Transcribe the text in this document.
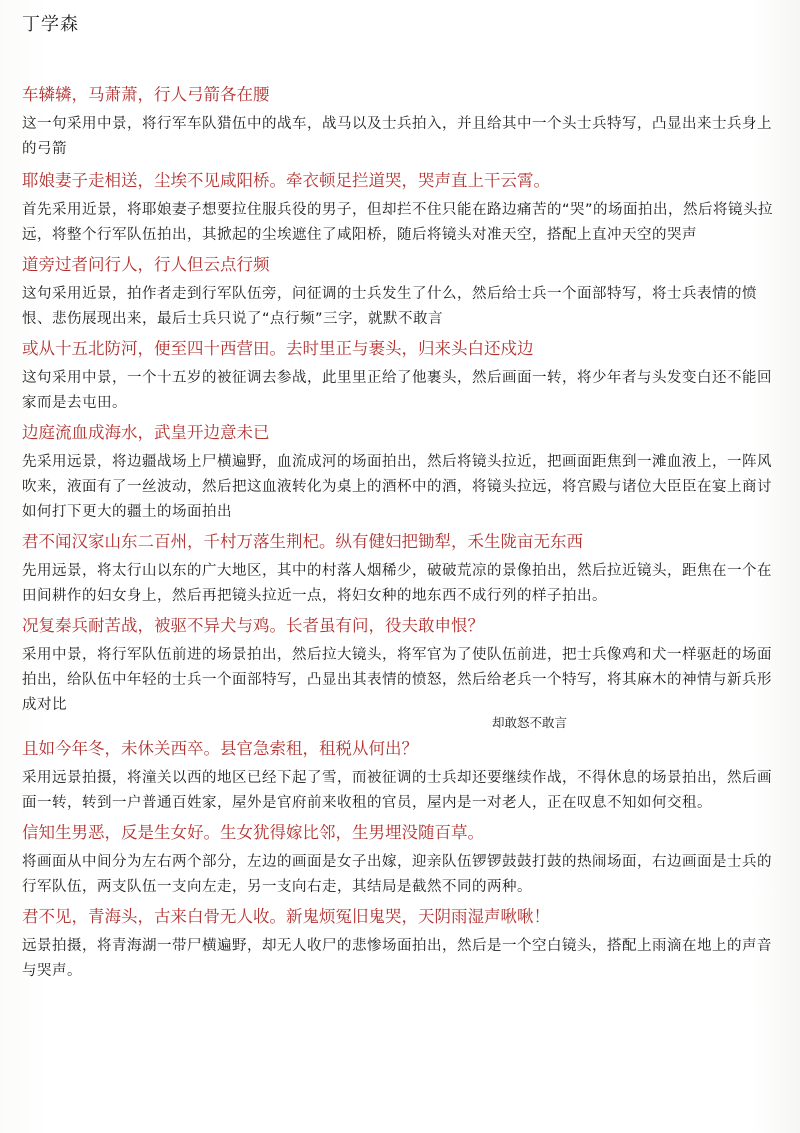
丁学森
车辚辚，马萧萧，行人弓箭各在腰
这一句采用中景，将行军车队猎伍中的战车，战马以及士兵拍入，并且给其中一个头士兵特写，凸显出来士兵身上的弓箭
耶娘妻子走相送，尘埃不见咸阳桥。牵衣顿足拦道哭，哭声直上干云霄。
首先采用近景，将耶娘妻子想要拉住服兵役的男子，但却拦不住只能在路边痛苦的“哭”的场面拍出，然后将镜头拉远，将整个行军队伍拍出，其掀起的尘埃遮住了咸阳桥，随后将镜头对准天空，搭配上直冲天空的哭声
道旁过者问行人，行人但云点行频
这句采用近景，拍作者走到行军队伍旁，问征调的士兵发生了什么，然后给士兵一个面部特写，将士兵表情的愤恨、悲伤展现出来，最后士兵只说了“点行频”三字，就默不敢言
或从十五北防河，便至四十西营田。去时里正与裹头，归来头白还戍边
这句采用中景，一个十五岁的被征调去参战，此里里正给了他裹头，然后画面一转，将少年者与头发变白还不能回家而是去屯田。
边庭流血成海水，武皇开边意未已
先采用远景，将边疆战场上尸横遍野，血流成河的场面拍出，然后将镜头拉近，把画面距焦到一滩血液上，一阵风吹来，液面有了一丝波动，然后把这血液转化为桌上的酒杯中的酒，将镜头拉远，将宫殿与诸位大臣臣在宴上商讨如何打下更大的疆土的场面拍出
君不闻汉家山东二百州，千村万落生荆杞。纵有健妇把锄犁，禾生陇亩无东西
先用远景，将太行山以东的广大地区，其中的村落人烟稀少，破破荒凉的景像拍出，然后拉近镜头，距焦在一个在田间耕作的妇女身上，然后再把镜头拉近一点，将妇女种的地东西不成行列的样子拍出。
况复秦兵耐苦战，被驱不异犬与鸡。长者虽有问，役夫敢申恨？
采用中景，将行军队伍前进的场景拍出，然后拉大镜头，将军官为了使队伍前进，把士兵像鸡和犬一样驱赶的场面拍出，给队伍中年轻的士兵一个面部特写，凸显出其表情的愤怒，然后给老兵一个特写，将其麻木的神情与新兵形成对比
却敢怒不敢言
且如今年冬，未休关西卒。县官急索租，租税从何出？
采用远景拍摄，将潼关以西的地区已经下起了雪，而被征调的士兵却还要继续作战，不得休息的场景拍出，然后画面一转，转到一户普通百姓家，屋外是官府前来收租的官员，屋内是一对老人，正在叹息不知如何交租。
信知生男恶，反是生女好。生女犹得嫁比邻，生男埋没随百草。
将画面从中间分为左右两个部分，左边的画面是女子出嫁，迎亲队伍锣锣鼓鼓打鼓的热闹场面，右边画面是士兵的行军队伍，两支队伍一支向左走，另一支向右走，其结局是截然不同的两种。
君不见，青海头，古来白骨无人收。新鬼烦冤旧鬼哭，天阴雨湿声啾啾！
远景拍摄，将青海湖一带尸横遍野，却无人收尸的悲惨场面拍出，然后是一个空白镜头，搭配上雨滴在地上的声音与哭声。
